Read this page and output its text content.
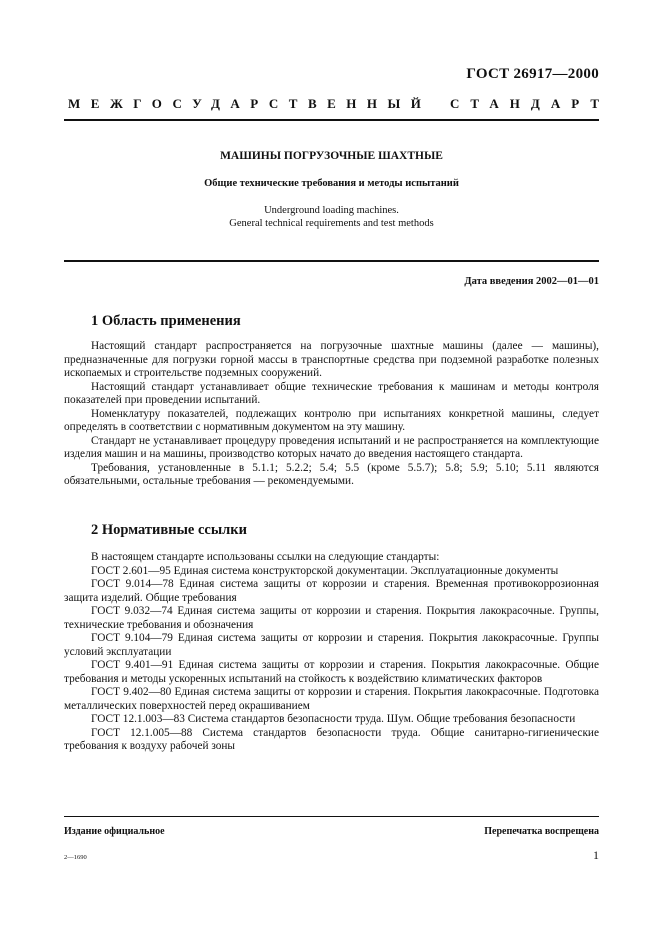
ГОСТ 26917—2000
МЕЖГОСУДАРСТВЕННЫЙ СТАНДАРТ
МАШИНЫ ПОГРУЗОЧНЫЕ ШАХТНЫЕ
Общие технические требования и методы испытаний
Underground loading machines.
General technical requirements and test methods
Дата введения 2002—01—01
1 Область применения

Настоящий стандарт распространяется на погрузочные шахтные машины (далее — машины), предназначенные для погрузки горной массы в транспортные средства при подземной разработке полезных ископаемых и строительстве подземных сооружений.

Настоящий стандарт устанавливает общие технические требования к машинам и методы контроля показателей при проведении испытаний.

Номенклатуру показателей, подлежащих контролю при испытаниях конкретной машины, следует определять в соответствии с нормативным документом на эту машину.

Стандарт не устанавливает процедуру проведения испытаний и не распространяется на комплектующие изделия машин и на машины, производство которых начато до введения настоящего стандарта.

Требования, установленные в 5.1.1; 5.2.2; 5.4; 5.5 (кроме 5.5.7); 5.8; 5.9; 5.10; 5.11 являются обязательными, остальные требования — рекомендуемыми.

2 Нормативные ссылки

В настоящем стандарте использованы ссылки на следующие стандарты:

ГОСТ 2.601—95 Единая система конструкторской документации. Эксплуатационные документы

ГОСТ 9.014—78 Единая система защиты от коррозии и старения. Временная противокоррозионная защита изделий. Общие требования

ГОСТ 9.032—74 Единая система защиты от коррозии и старения. Покрытия лакокрасочные. Группы, технические требования и обозначения

ГОСТ 9.104—79 Единая система защиты от коррозии и старения. Покрытия лакокрасочные. Группы условий эксплуатации

ГОСТ 9.401—91 Единая система защиты от коррозии и старения. Покрытия лакокрасочные. Общие требования и методы ускоренных испытаний на стойкость к воздействию климатических факторов

ГОСТ 9.402—80 Единая система защиты от коррозии и старения. Покрытия лакокрасочные. Подготовка металлических поверхностей перед окрашиванием

ГОСТ 12.1.003—83 Система стандартов безопасности труда. Шум. Общие требования безопасности

ГОСТ 12.1.005—88 Система стандартов безопасности труда. Общие санитарно-гигиенические требования к воздуху рабочей зоны

Издание официальное	Перепечатка воспрещена
2—1690	1
